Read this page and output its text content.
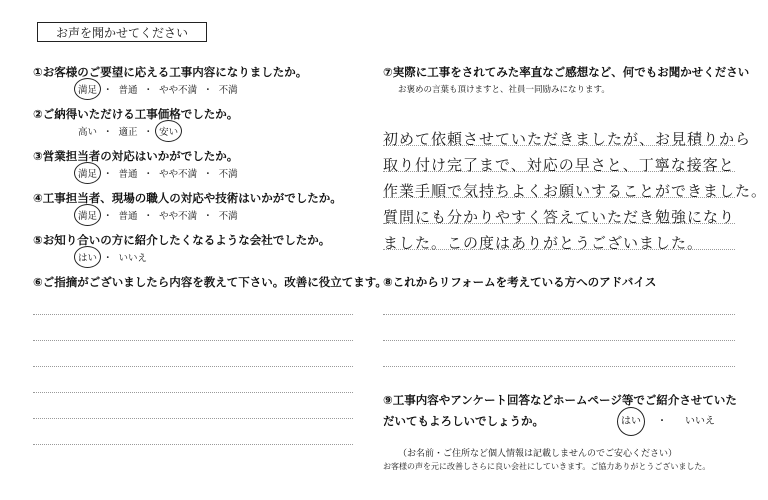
お声を聞かせてください
①お客様のご要望に応える工事内容になりましたか。
満足 ・ 普通 ・ やや不満 ・ 不満
②ご納得いただける工事価格でしたか。
高い ・ 適正 ・ 安い
③営業担当者の対応はいかがでしたか。
満足 ・ 普通 ・ やや不満 ・ 不満
④工事担当者、現場の職人の対応や技術はいかがでしたか。
満足 ・ 普通 ・ やや不満 ・ 不満
⑤お知り合いの方に紹介したくなるような会社でしたか。
はい ・ いいえ
⑥ご指摘がございましたら内容を教えて下さい。改善に役立てます。
⑦実際に工事をされてみた率直なご感想など、何でもお聞かせください
お褒めの言葉も頂けますと、社員一同励みになります。
初めて依頼させていただきましたが、お見積りから
取り付け完了まで、対応の早さと、丁寧な接客と
作業手順で気持ちよくお願いすることができました。
質問にも分かりやすく答えていただき勉強になり
ました。この度はありがとうございました。
⑧これからリフォームを考えている方へのアドバイス
⑨工事内容やアンケート回答などホームページ等でご紹介させていた
だいてもよろしいでしょうか。	はい ・ いいえ
（お名前・ご住所など個人情報は記載しませんのでご安心ください）
お客様の声を元に改善しさらに良い会社にしていきます。ご協力ありがとうございました。
